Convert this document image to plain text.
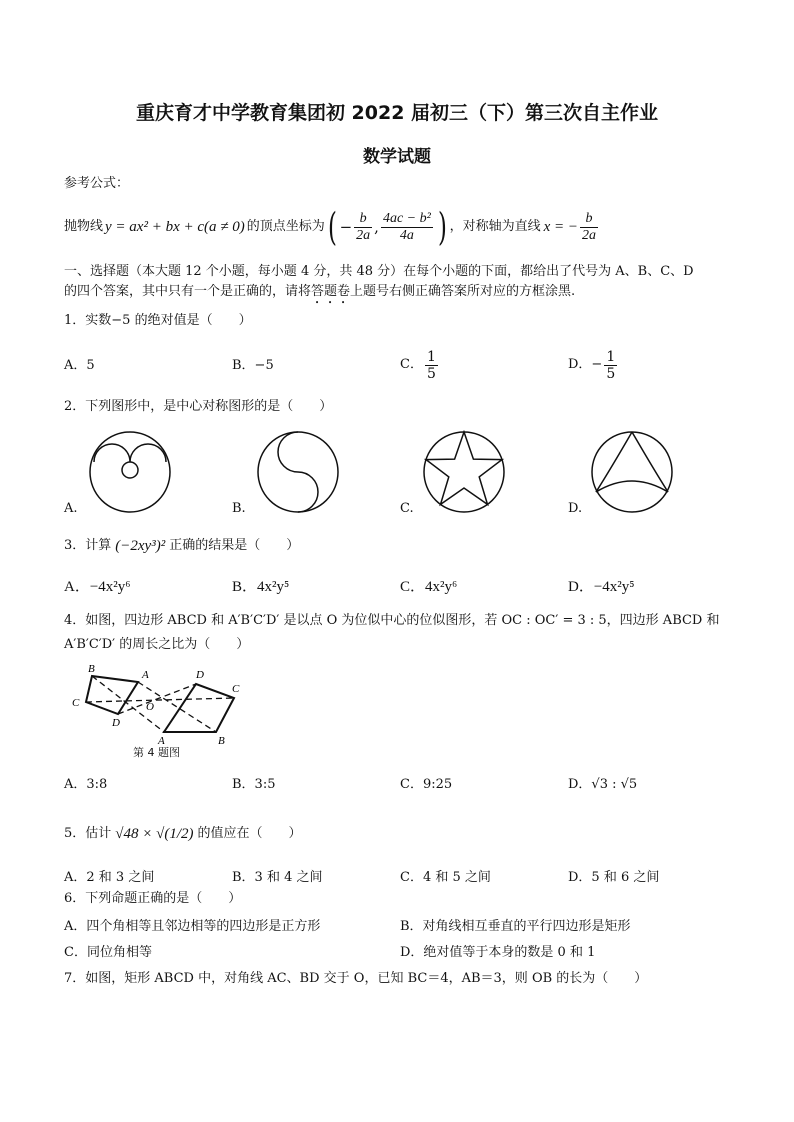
重庆育才中学教育集团初 2022 届初三（下）第三次自主作业
数学试题
参考公式：
抛物线 y = ax² + bx + c(a ≠ 0) 的顶点坐标为 ( − $\frac{b}{2a}$ , $\frac{\text{4ac − b²}}{4a}$ ) ，对称轴为直线 x = − $\frac{b}{2a}$
一、选择题（本大题 12 个小题，每小题 4 分，共 48 分）在每个小题的下面，都给出了代号为 A、B、C、D
的四个答案，其中只有一个是正确的，请将答题卷上题号右侧正确答案所对应的方框涂黑.
1．实数−5 的绝对值是（　　）
A．5	B．−5	C． $\frac{1}{5}$	D．− $\frac{1}{5}$
2．下列图形中，是中心对称图形的是（　　）
A.	B.	C.	D.
3．计算 (−2xy³)² 正确的结果是（　　）
A．−4x²y⁶	B．4x²y⁵	C．4x²y⁶	D．−4x²y⁵
4．如图，四边形 ABCD 和 A′B′C′D′ 是以点 O 为位似中心的位似图形，若 OC : OC′ = 3 : 5，四边形 ABCD 和
A′B′C′D′ 的周长之比为（　　）
B	A
C
D
O
D
C
A	B
第 4 题图
A．3:8	B．3:5	C．9:25	D．√3 : √5
5．估计 √48 × √(1/2) 的值应在（　　）
A．2 和 3 之间	B．3 和 4 之间	C．4 和 5 之间	D．5 和 6 之间
6．下列命题正确的是（　　）
A．四个角相等且邻边相等的四边形是正方形	B．对角线相互垂直的平行四边形是矩形
C．同位角相等	D．绝对值等于本身的数是 0 和 1
7．如图，矩形 ABCD 中，对角线 AC、BD 交于 O，已知 BC＝4，AB＝3，则 OB 的长为（　　）
